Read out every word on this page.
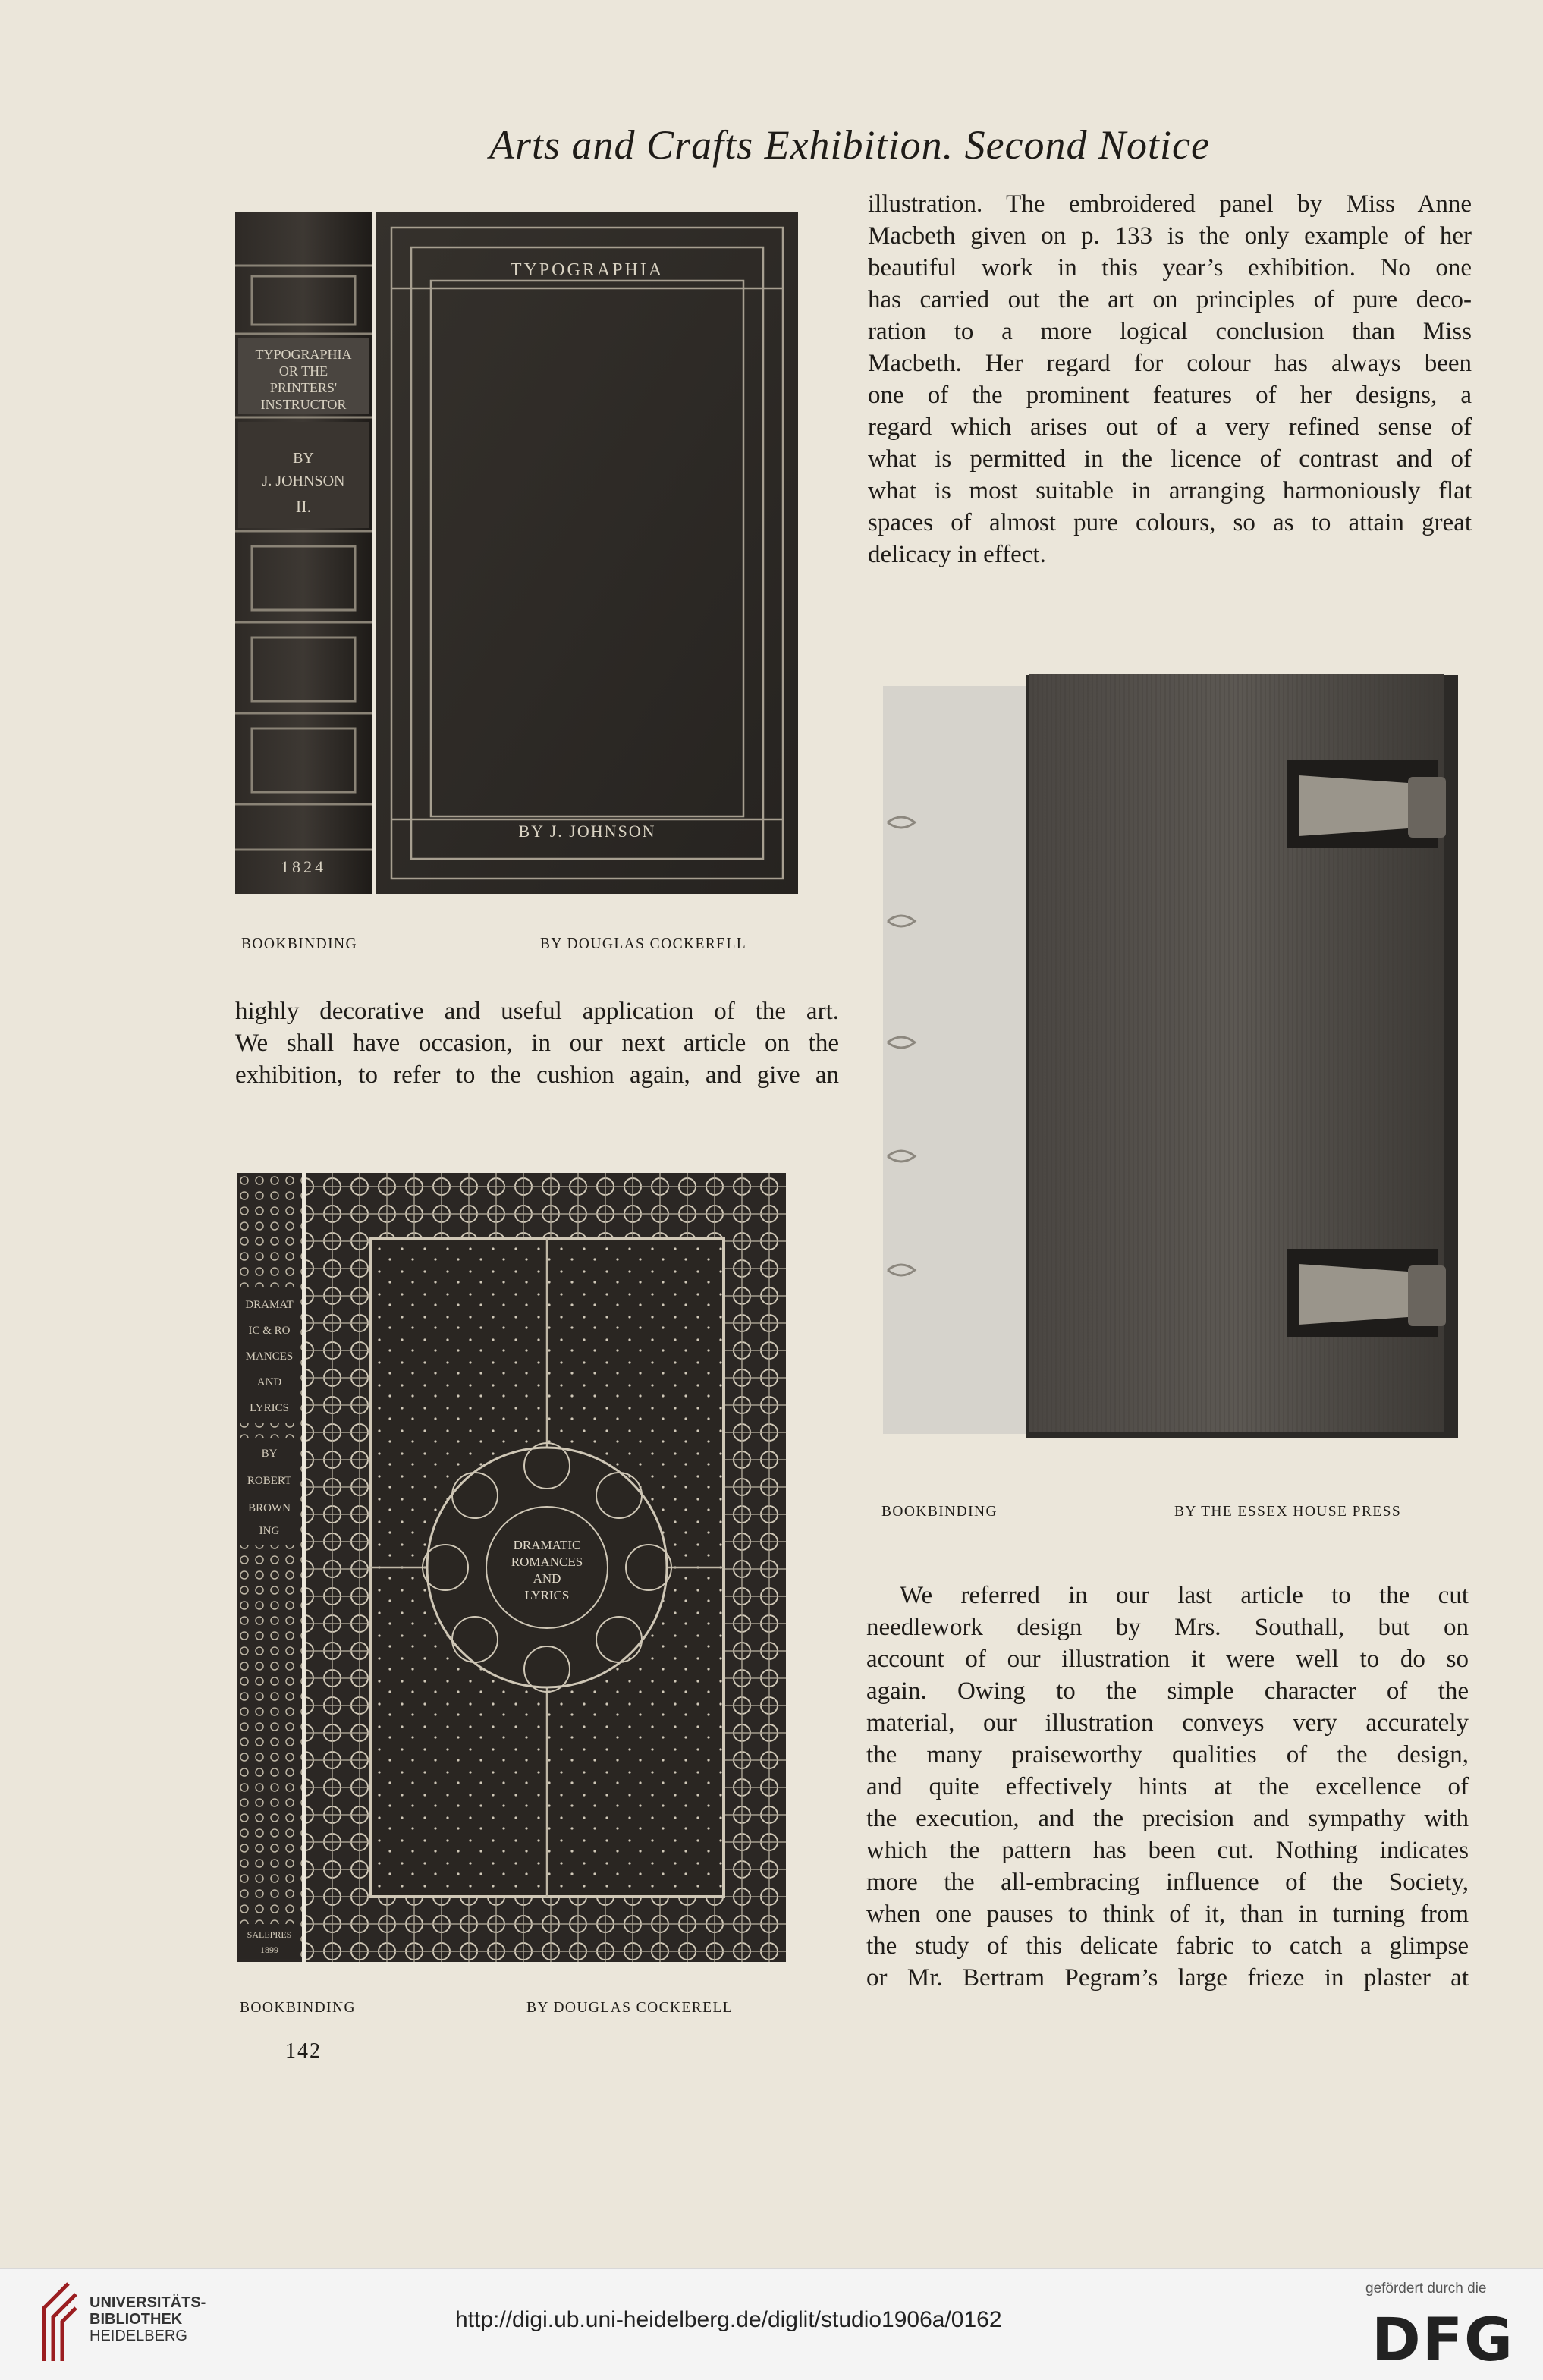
Arts and Crafts Exhibition. Second Notice
TYPOGRAPHIA
OR THE
PRINTERS'
INSTRUCTOR
BY
J. JOHNSON
II.
1824
TYPOGRAPHIA
BY J. JOHNSON
BOOKBINDING	BY DOUGLAS COCKERELL
illustration. The embroidered panel by Miss Anne
Macbeth given on p. 133 is the only example of her
beautiful work in this year’s exhibition. No one
has carried out the art on principles of pure deco-
ration to a more logical conclusion than Miss
Macbeth. Her regard for colour has always been
one of the prominent features of her designs, a
regard which arises out of a very refined sense of
what is permitted in the licence of contrast and of
what is most suitable in arranging harmoniously flat
spaces of almost pure colours, so as to attain great
delicacy in effect.
highly decorative and useful application of the art.
We shall have occasion, in our next article on the
exhibition, to refer to the cushion again, and give an
BOOKBINDING	BY THE ESSEX HOUSE PRESS
DRAMAT
IC & RO
MANCES
AND
LYRICS
BY
ROBERT
BROWN
ING
SALEPRES
1899
DRAMATIC
ROMANCES
AND
LYRICS
BOOKBINDING	BY DOUGLAS COCKERELL
142
We referred in our last article to the cut
needlework design by Mrs. Southall, but on
account of our illustration it were well to do so
again. Owing to the simple character of the
material, our illustration conveys very accurately
the many praiseworthy qualities of the design,
and quite effectively hints at the excellence of
the execution, and the precision and sympathy with
which the pattern has been cut. Nothing indicates
more the all-embracing influence of the Society,
when one pauses to think of it, than in turning from
the study of this delicate fabric to catch a glimpse
or Mr. Bertram Pegram’s large frieze in plaster at
UNIVERSITÄTS-
BIBLIOTHEK
HEIDELBERG
http://digi.ub.uni-heidelberg.de/diglit/studio1906a/0162
gefördert durch die
DFG
